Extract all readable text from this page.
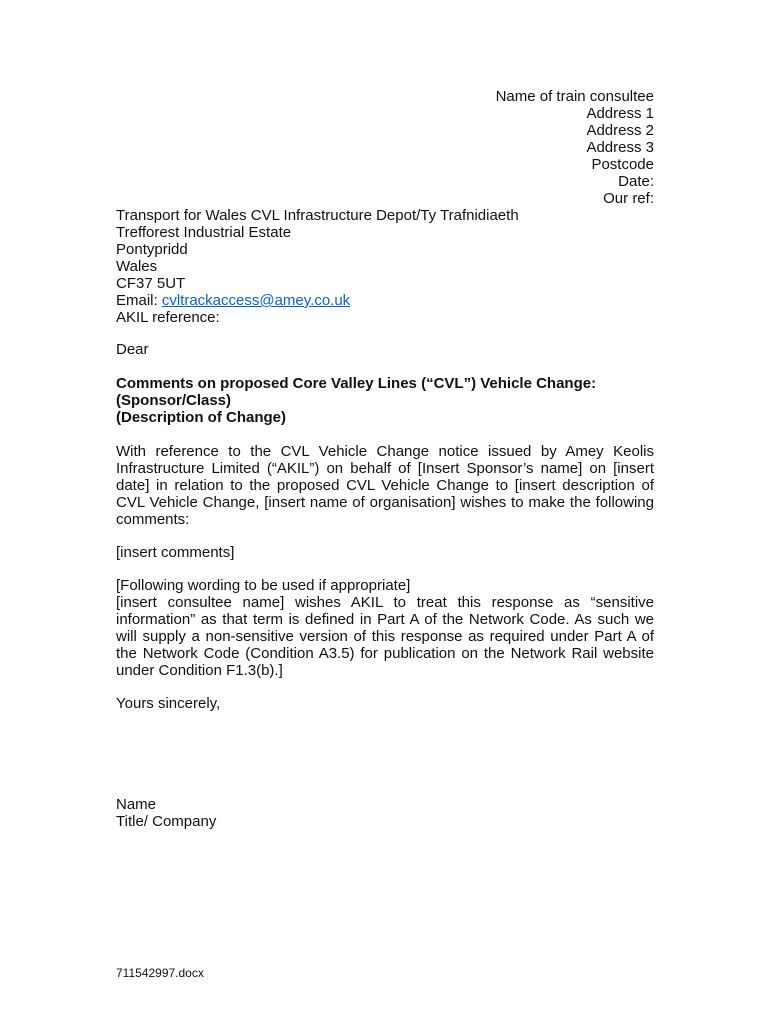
Name of train consultee
Address 1
Address 2
Address 3
Postcode
Date:
Our ref:
Transport for Wales CVL Infrastructure Depot/Ty Trafnidiaeth
Trefforest Industrial Estate
Pontypridd
Wales
CF37 5UT
Email: cvltrackaccess@amey.co.uk
AKIL reference:
Dear
Comments on proposed Core Valley Lines (“CVL”) Vehicle Change:
(Sponsor/Class)
(Description of Change)
With reference to the CVL Vehicle Change notice issued by Amey Keolis Infrastructure Limited (“AKIL”) on behalf of [Insert Sponsor’s name] on [insert date] in relation to the proposed CVL Vehicle Change to [insert description of CVL Vehicle Change, [insert name of organisation] wishes to make the following comments:
[insert comments]
[Following wording to be used if appropriate]
[insert consultee name] wishes AKIL to treat this response as “sensitive information” as that term is defined in Part A of the Network Code. As such we will supply a non-sensitive version of this response as required under Part A of the Network Code (Condition A3.5) for publication on the Network Rail website under Condition F1.3(b).]
Yours sincerely,
Name
Title/ Company
711542997.docx
